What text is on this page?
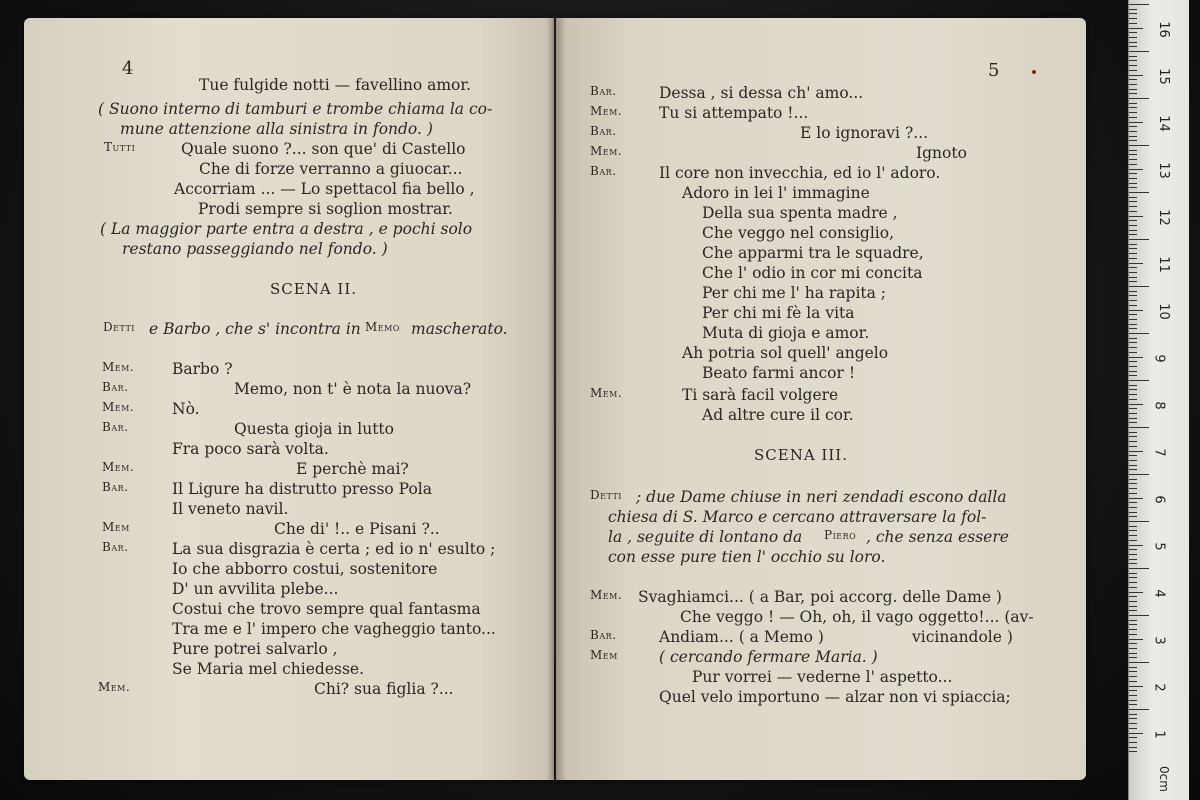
4
Tue fulgide notti — favellino amor.
( Suono interno di tamburi e trombe chiama la co-
mune attenzione alla sinistra in fondo. )
Tutti	Quale suono ?... son que' di Castello
Che di forze verranno a giuocar...
Accorriam ... — Lo spettacol fia bello ,
Prodi sempre si soglion mostrar.
( La maggior parte entra a destra , e pochi solo
restano passeggiando nel fondo. )
SCENA II.
Detti e Barbo , che s' incontra in Memo mascherato.
Mem. Barbo ?
Bar.	Memo, non t' è nota la nuova?
Mem. Nò.
Bar.	Questa gioja in lutto
Fra poco sarà volta.
Mem.	E perchè mai?
Bar.	Il Ligure ha distrutto presso Pola
Il veneto navil.
Mem	Che di' !.. e Pisani ?..
Bar.	La sua disgrazia è certa ; ed io n' esulto ;
Io che abborro costui, sostenitore
D' un avvilita plebe...
Costui che trovo sempre qual fantasma
Tra me e l' impero che vagheggio tanto...
Pure potrei salvarlo ,
Se Maria mel chiedesse.
Mem.	Chi? sua figlia ?...
5
Bar.	Dessa , si dessa ch' amo...
Mem. Tu si attempato !...
Bar.	E lo ignoravi ?...
Mem.	Ignoto
Bar.	Il core non invecchia, ed io l' adoro.
Adoro in lei l' immagine
Della sua spenta madre ,
Che veggo nel consiglio,
Che apparmi tra le squadre,
Che l' odio in cor mi concita
Per chi me l' ha rapita ;
Per chi mi fè la vita
Muta di gioja e amor.
Ah potria sol quell' angelo
Beato farmi ancor !
Mem.	Ti sarà facil volgere
Ad altre cure il cor.
SCENA III.
Detti ; due Dame chiuse in neri zendadi escono dalla
chiesa di S. Marco e cercano attraversare la fol-
la , seguite di lontano da Piero , che senza essere
con esse pure tien l' occhio su loro.
Mem. Svaghiamci... ( a Bar, poi accorg. delle Dame )
Che veggo ! — Oh, oh, il vago oggetto!... (av-
Bar.	Andiam... ( a Memo )	vicinandole )
Mem	( cercando fermare Maria. )
Pur vorrei — vederne l' aspetto...
Quel velo importuno — alzar non vi spiaccia;
16
15
14
13
12
11
10
9
8
7
6
5
4
3
2
1
0cm
